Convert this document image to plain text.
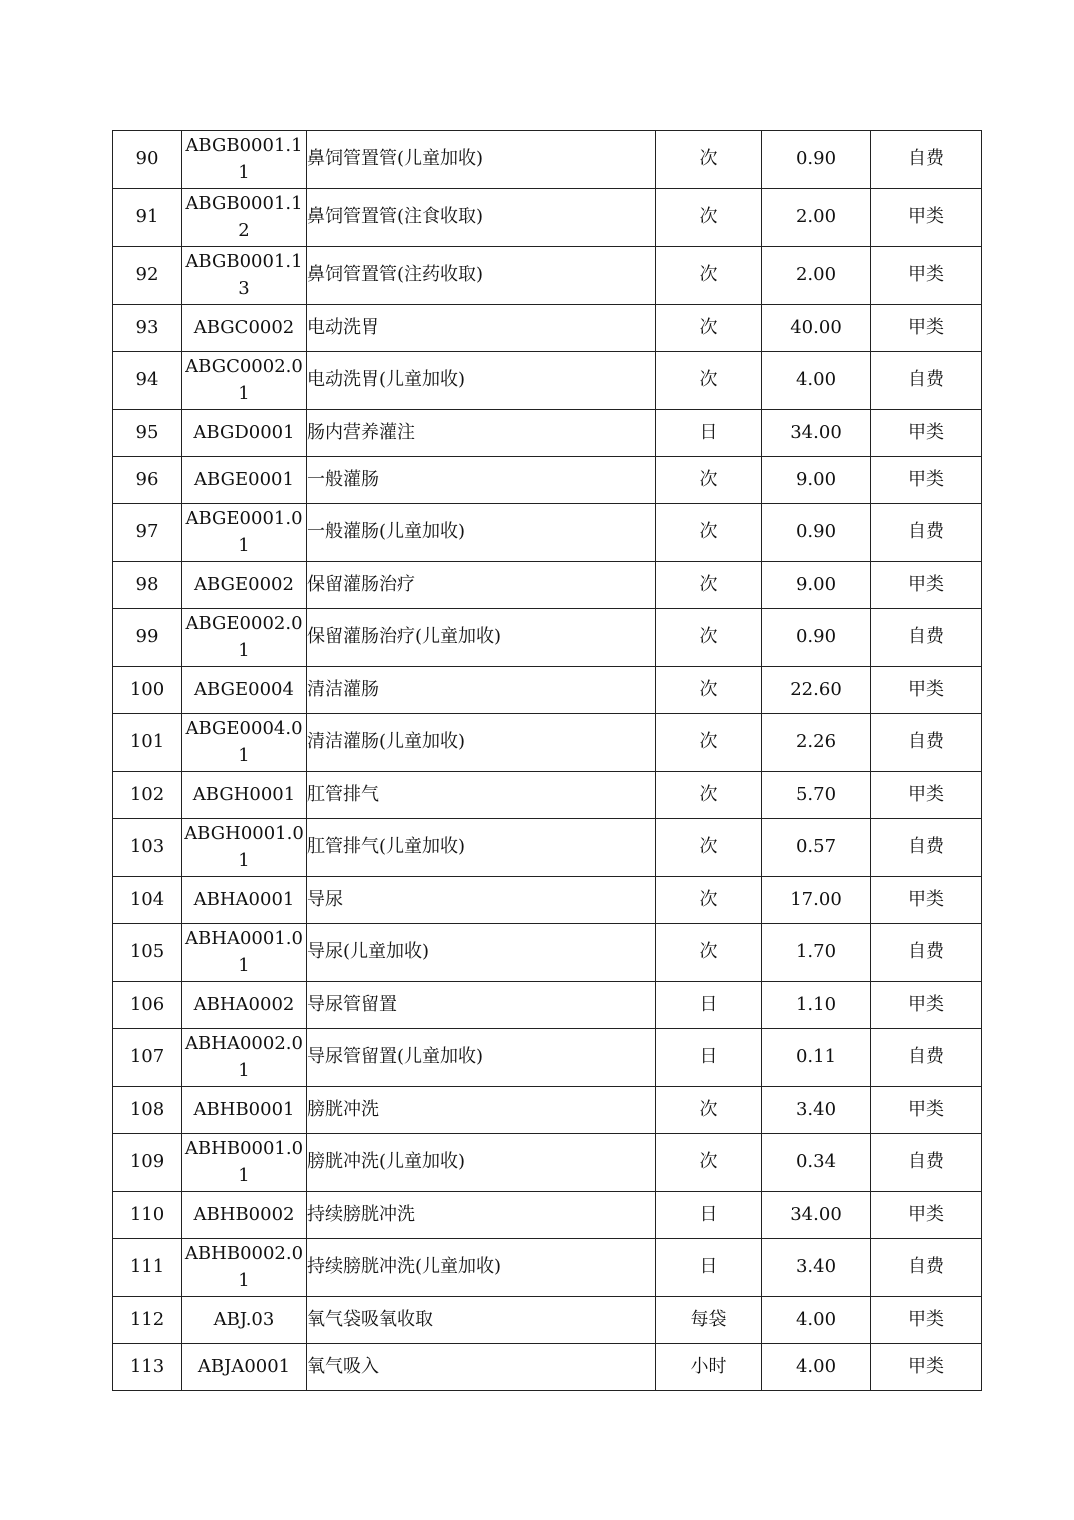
90	ABGB0001.11	鼻饲管置管(儿童加收)	次	0.90	自费
91	ABGB0001.12	鼻饲管置管(注食收取)	次	2.00	甲类
92	ABGB0001.13	鼻饲管置管(注药收取)	次	2.00	甲类
93	ABGC0002	电动洗胃	次	40.00	甲类
94	ABGC0002.01	电动洗胃(儿童加收)	次	4.00	自费
95	ABGD0001	肠内营养灌注	日	34.00	甲类
96	ABGE0001	一般灌肠	次	9.00	甲类
97	ABGE0001.01	一般灌肠(儿童加收)	次	0.90	自费
98	ABGE0002	保留灌肠治疗	次	9.00	甲类
99	ABGE0002.01	保留灌肠治疗(儿童加收)	次	0.90	自费
100	ABGE0004	清洁灌肠	次	22.60	甲类
101	ABGE0004.01	清洁灌肠(儿童加收)	次	2.26	自费
102	ABGH0001	肛管排气	次	5.70	甲类
103	ABGH0001.01	肛管排气(儿童加收)	次	0.57	自费
104	ABHA0001	导尿	次	17.00	甲类
105	ABHA0001.01	导尿(儿童加收)	次	1.70	自费
106	ABHA0002	导尿管留置	日	1.10	甲类
107	ABHA0002.01	导尿管留置(儿童加收)	日	0.11	自费
108	ABHB0001	膀胱冲洗	次	3.40	甲类
109	ABHB0001.01	膀胱冲洗(儿童加收)	次	0.34	自费
110	ABHB0002	持续膀胱冲洗	日	34.00	甲类
111	ABHB0002.01	持续膀胱冲洗(儿童加收)	日	3.40	自费
112	ABJ.03	氧气袋吸氧收取	每袋	4.00	甲类
113	ABJA0001	氧气吸入	小时	4.00	甲类
